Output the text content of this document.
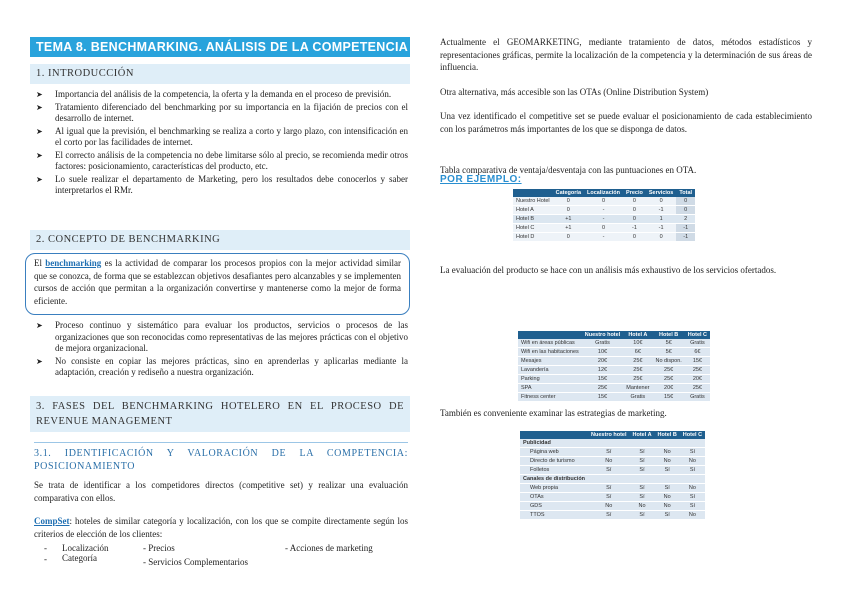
TEMA 8. BENCHMARKING. ANÁLISIS DE LA COMPETENCIA
1. INTRODUCCIÓN
➤ Importancia del análisis de la competencia, la oferta y la demanda en el proceso de previsión.
➤ Tratamiento diferenciado del benchmarking por su importancia en la fijación de precios con el desarrollo de internet.
➤ Al igual que la previsión, el benchmarking se realiza a corto y largo plazo, con intensificación en el corto por las facilidades de internet.
➤ El correcto análisis de la competencia no debe limitarse sólo al precio, se recomienda medir otros factores: posicionamiento, características del producto, etc.
➤ Lo suele realizar el departamento de Marketing, pero los resultados debe conocerlos y saber interpretarlos el RMr.
2. CONCEPTO DE BENCHMARKING
El benchmarking es la actividad de comparar los procesos propios con la mejor actividad similar que se conozca, de forma que se establezcan objetivos desafiantes pero alcanzables y se implementen cursos de acción que permitan a la organización convertirse y mantenerse como la mejor de forma eficiente.
➤ Proceso continuo y sistemático para evaluar los productos, servicios o procesos de las organizaciones que son reconocidas como representativas de las mejores prácticas con el objetivo de mejora organizacional.
➤ No consiste en copiar las mejores prácticas, sino en aprenderlas y aplicarlas mediante la adaptación, creación y rediseño a nuestra organización.
3. FASES DEL BENCHMARKING HOTELERO EN EL PROCESO DE REVENUE MANAGEMENT
3.1. IDENTIFICACIÓN Y VALORACIÓN DE LA COMPETENCIA: POSICIONAMIENTO
Se trata de identificar a los competidores directos (competitive set) y realizar una evaluación comparativa con ellos.
CompSet: hoteles de similar categoría y localización, con los que se compite directamente según los criterios de elección de los clientes:
- Localización
- Categoría
- Precios
- Servicios Complementarios
- Acciones de marketing
Actualmente el GEOMARKETING, mediante tratamiento de datos, métodos estadísticos y representaciones gráficas, permite la localización de la competencia y la determinación de sus áreas de influencia.
Otra alternativa, más accesible son las OTAs (Online Distribution System)
Una vez identificado el competitive set se puede evaluar el posicionamiento de cada establecimiento con los parámetros más importantes de los que se disponga de datos.
POR EJEMPLO:
Tabla comparativa de ventaja/desventaja con las puntuaciones en OTA.
	Categoría	Localización	Precio	Servicios	Total
Nuestro Hotel	0	0	0	0	0
Hotel A	0	-	0	-1	0
Hotel B	+1	-	0	1	2
Hotel C	+1	0	-1	-1	-1
Hotel D	0	-	0	0	-1
La evaluación del producto se hace con un análisis más exhaustivo de los servicios ofertados.
	Nuestro hotel	Hotel A	Hotel B	Hotel C
Wifi en áreas públicas	Gratis	10€	5€	Gratis
Wifi en las habitaciones	10€	6€	5€	6€
Mesajes	20€	25€	No dispon.	15€
Lavandería	12€	25€	25€	25€
Parking	15€	25€	25€	20€
SPA	25€	Mantener	20€	25€
Fitness center	15€	Gratis	15€	Gratis
También es conveniente examinar las estrategias de marketing.
	Nuestro hotel	Hotel A	Hotel B	Hotel C
Publicidad				
Página web	Sí	Sí	No	Sí
Directo de turismo	No	Sí	No	No
Folletos	Sí	Sí	Sí	Sí
Canales de distribución				
Web propia	Sí	Sí	Sí	No
OTAs	Sí	Sí	No	Sí
GDS	No	No	No	Sí
TTOS	Sí	Sí	Sí	No
